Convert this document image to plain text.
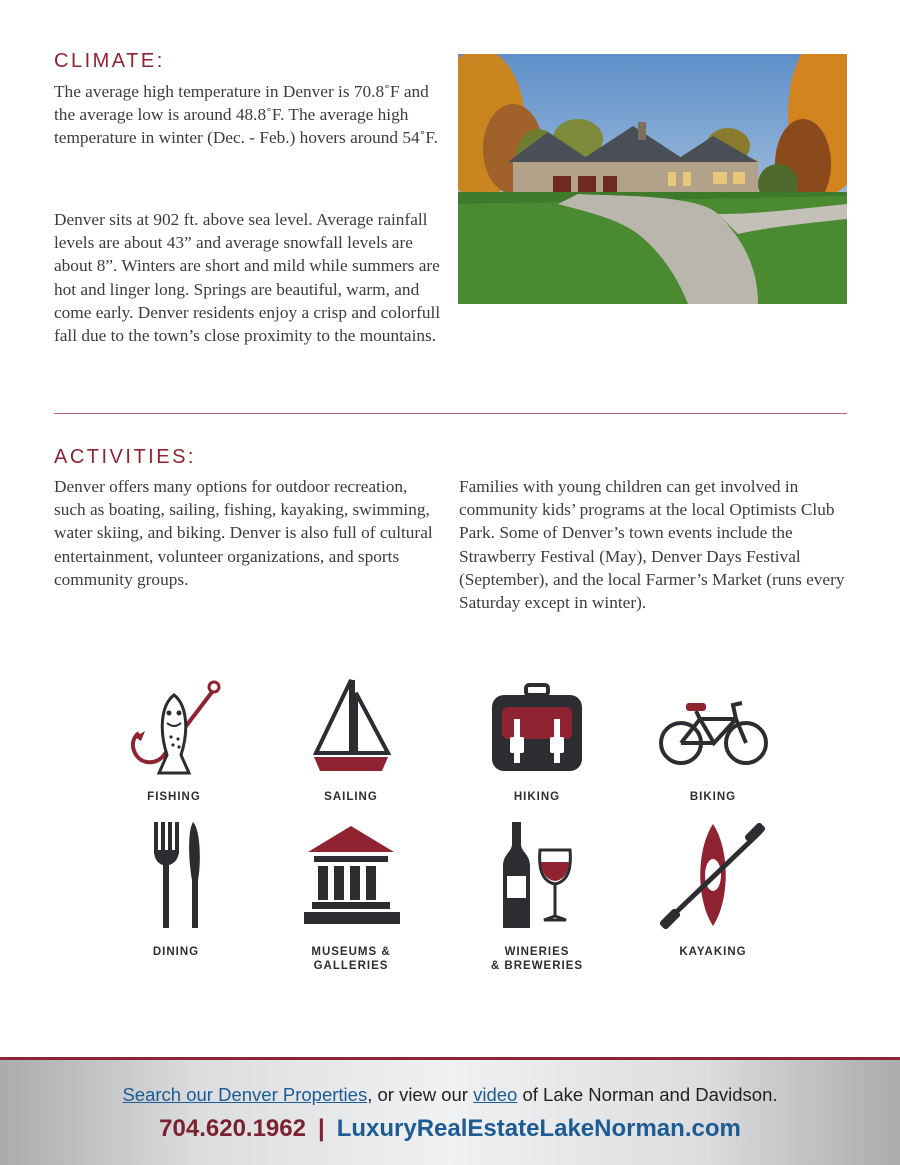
CLIMATE:

The average high temperature in Denver is 70.8˚F and the average low is around 48.8˚F. The average high temperature in winter (Dec. - Feb.) hovers around 54˚F.

Denver sits at 902 ft. above sea level. Average rainfall levels are about 43” and average snowfall levels are about 8”. Winters are short and mild while summers are hot and linger long. Springs are beautiful, warm, and come early. Denver residents enjoy a crisp and colorfull fall due to the town’s close proximity to the mountains.

ACTIVITIES:

Denver offers many options for outdoor recreation, such as boating, sailing, fishing, kayaking, swimming, water skiing, and biking. Denver is also full of cultural entertainment, volunteer organizations, and sports community groups.

Families with young children can get involved in community kids’ programs at the local Optimists Club Park. Some of Denver’s town events include the Strawberry Festival (May), Denver Days Festival (September), and the local Farmer’s Market (runs every Saturday except in winter).

FISHING	SAILING	HIKING	BIKING
DINING	MUSEUMS &
GALLERIES
WINERIES
& BREWERIES
KAYAKING
Search our Denver Properties, or view our video of Lake Norman and Davidson.
704.620.1962 | LuxuryRealEstateLakeNorman.com
